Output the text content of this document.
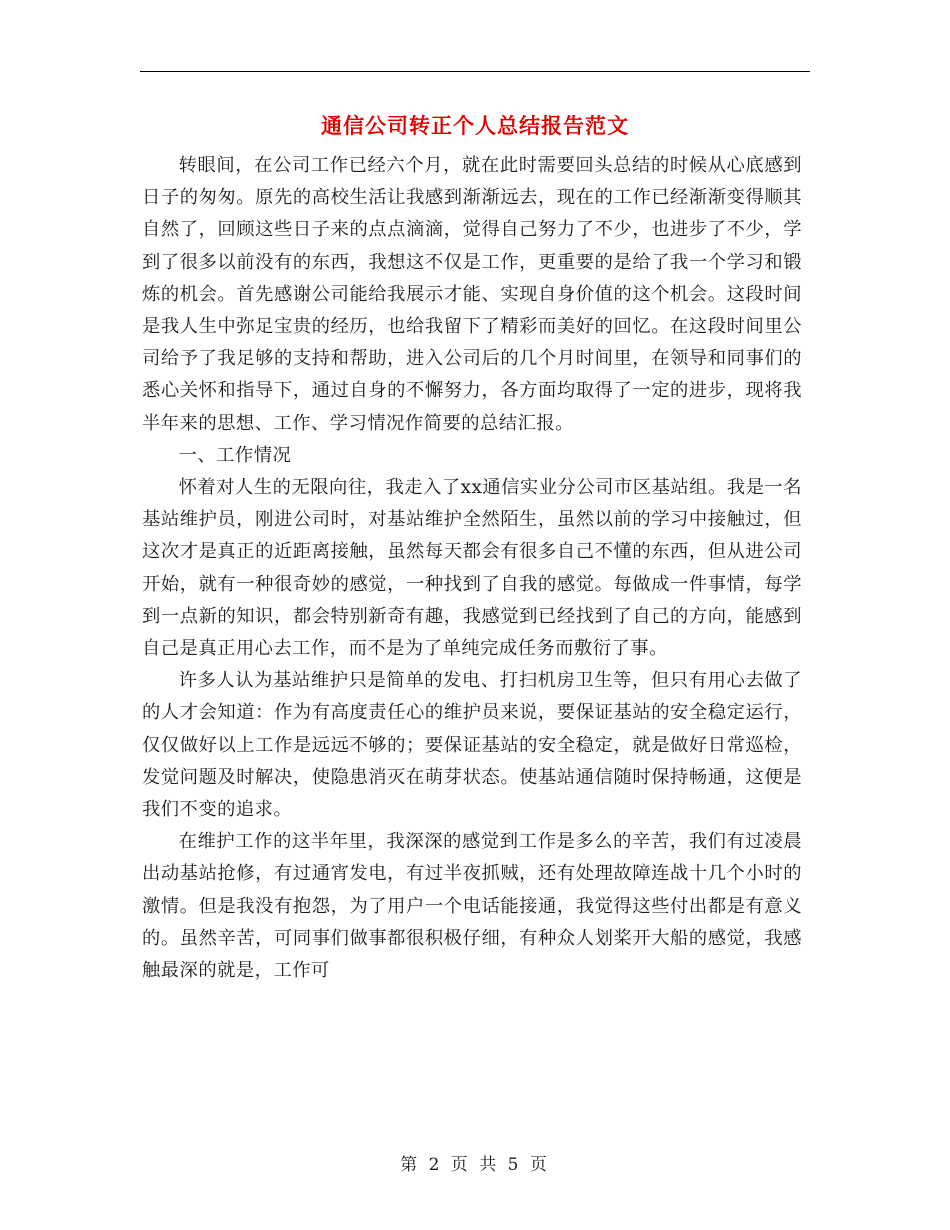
通信公司转正个人总结报告范文

转眼间，在公司工作已经六个月，就在此时需要回头总结的时候从心底感到日子的匆匆。原先的高校生活让我感到渐渐远去，现在的工作已经渐渐变得顺其自然了，回顾这些日子来的点点滴滴，觉得自己努力了不少，也进步了不少，学到了很多以前没有的东西，我想这不仅是工作，更重要的是给了我一个学习和锻炼的机会。首先感谢公司能给我展示才能、实现自身价值的这个机会。这段时间是我人生中弥足宝贵的经历，也给我留下了精彩而美好的回忆。在这段时间里公司给予了我足够的支持和帮助，进入公司后的几个月时间里，在领导和同事们的悉心关怀和指导下，通过自身的不懈努力，各方面均取得了一定的进步，现将我半年来的思想、工作、学习情况作简要的总结汇报。

一、工作情况

怀着对人生的无限向往，我走入了xx通信实业分公司市区基站组。我是一名基站维护员，刚进公司时，对基站维护全然陌生，虽然以前的学习中接触过，但这次才是真正的近距离接触，虽然每天都会有很多自己不懂的东西，但从进公司开始，就有一种很奇妙的感觉，一种找到了自我的感觉。每做成一件事情，每学到一点新的知识，都会特别新奇有趣，我感觉到已经找到了自己的方向，能感到自己是真正用心去工作，而不是为了单纯完成任务而敷衍了事。

许多人认为基站维护只是简单的发电、打扫机房卫生等，但只有用心去做了的人才会知道：作为有高度责任心的维护员来说，要保证基站的安全稳定运行，仅仅做好以上工作是远远不够的；要保证基站的安全稳定，就是做好日常巡检，发觉问题及时解决，使隐患消灭在萌芽状态。使基站通信随时保持畅通，这便是我们不变的追求。

在维护工作的这半年里，我深深的感觉到工作是多么的辛苦，我们有过凌晨出动基站抢修，有过通宵发电，有过半夜抓贼，还有处理故障连战十几个小时的激情。但是我没有抱怨，为了用户一个电话能接通，我觉得这些付出都是有意义的。虽然辛苦，可同事们做事都很积极仔细，有种众人划桨开大船的感觉，我感触最深的就是，工作可

第 2 页 共 5 页
